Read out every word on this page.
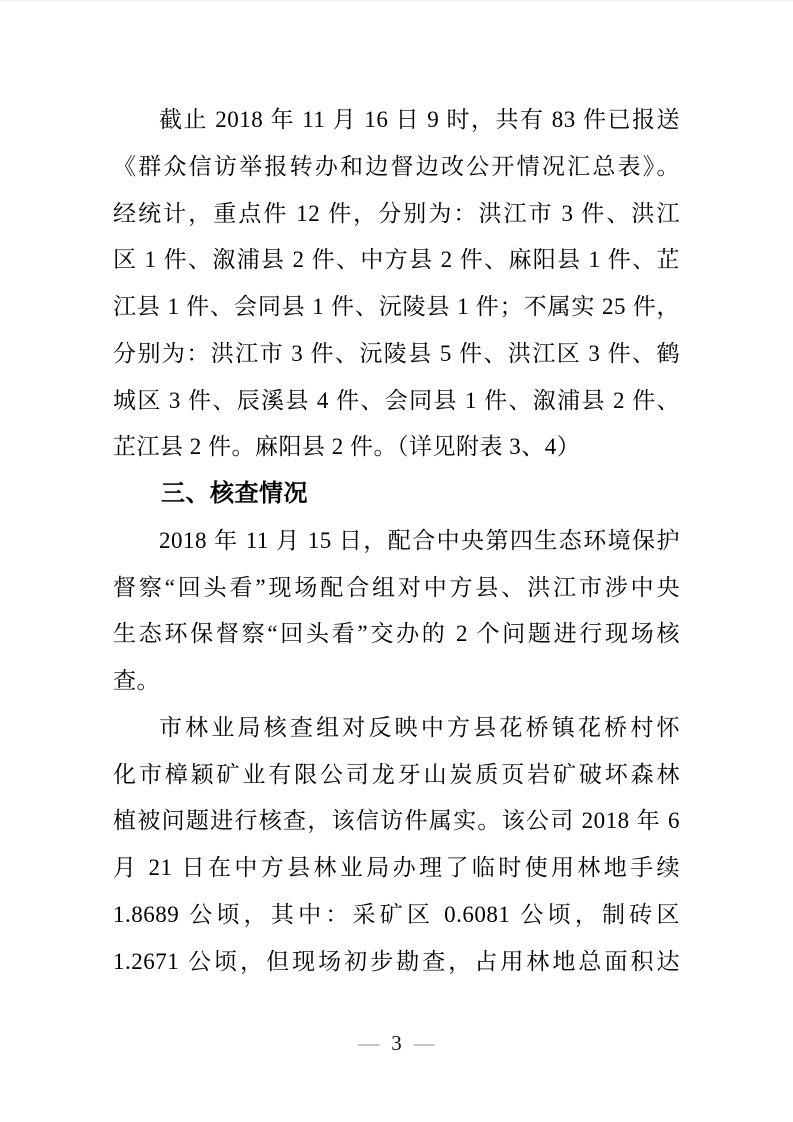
截止 2018 年 11 月 16 日 9 时，共有 83 件已报送
《群众信访举报转办和边督边改公开情况汇总表》。
经统计，重点件 12 件，分别为：洪江市 3 件、洪江
区 1 件、溆浦县 2 件、中方县 2 件、麻阳县 1 件、芷
江县 1 件、会同县 1 件、沅陵县 1 件；不属实 25 件，
分别为：洪江市 3 件、沅陵县 5 件、洪江区 3 件、鹤
城区 3 件、辰溪县 4 件、会同县 1 件、溆浦县 2 件、
芷江县 2 件。麻阳县 2 件。（详见附表 3、4）
三、核查情况
2018 年 11 月 15 日，配合中央第四生态环境保护
督察“回头看”现场配合组对中方县、洪江市涉中央
生态环保督察“回头看”交办的 2 个问题进行现场核
查。
市林业局核查组对反映中方县花桥镇花桥村怀
化市樟颖矿业有限公司龙牙山炭质页岩矿破坏森林
植被问题进行核查，该信访件属实。该公司 2018 年 6
月 21 日在中方县林业局办理了临时使用林地手续
1.8689 公顷，其中：采矿区 0.6081 公顷，制砖区
1.2671 公顷，但现场初步勘查，占用林地总面积达
— 3 —
